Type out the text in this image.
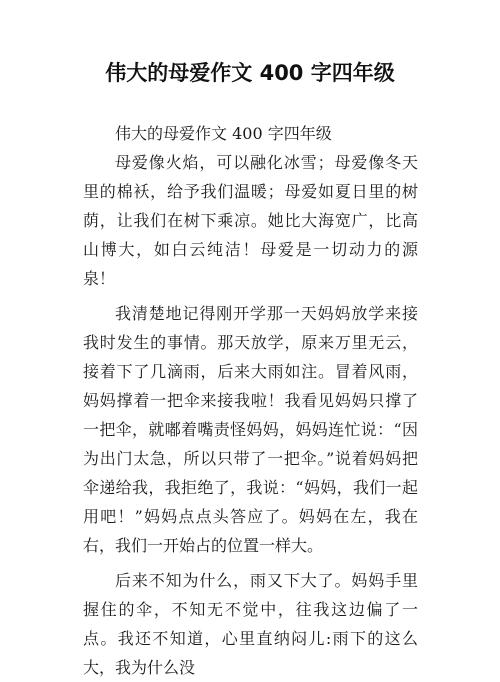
伟大的母爱作文 400 字四年级

伟大的母爱作文 400 字四年级

母爱像火焰，可以融化冰雪；母爱像冬天里的棉袄，给予我们温暖；母爱如夏日里的树荫，让我们在树下乘凉。她比大海宽广，比高山博大，如白云纯洁！母爱是一切动力的源泉！

我清楚地记得刚开学那一天妈妈放学来接我时发生的事情。那天放学，原来万里无云，接着下了几滴雨，后来大雨如注。冒着风雨，妈妈撑着一把伞来接我啦！我看见妈妈只撑了一把伞，就嘟着嘴责怪妈妈，妈妈连忙说：“因为出门太急，所以只带了一把伞。”说着妈妈把伞递给我，我拒绝了，我说：“妈妈，我们一起用吧！”妈妈点点头答应了。妈妈在左，我在右，我们一开始占的位置一样大。

后来不知为什么，雨又下大了。妈妈手里握住的伞，不知无不觉中，往我这边偏了一点。我还不知道，心里直纳闷儿:雨下的这么大，我为什么没
